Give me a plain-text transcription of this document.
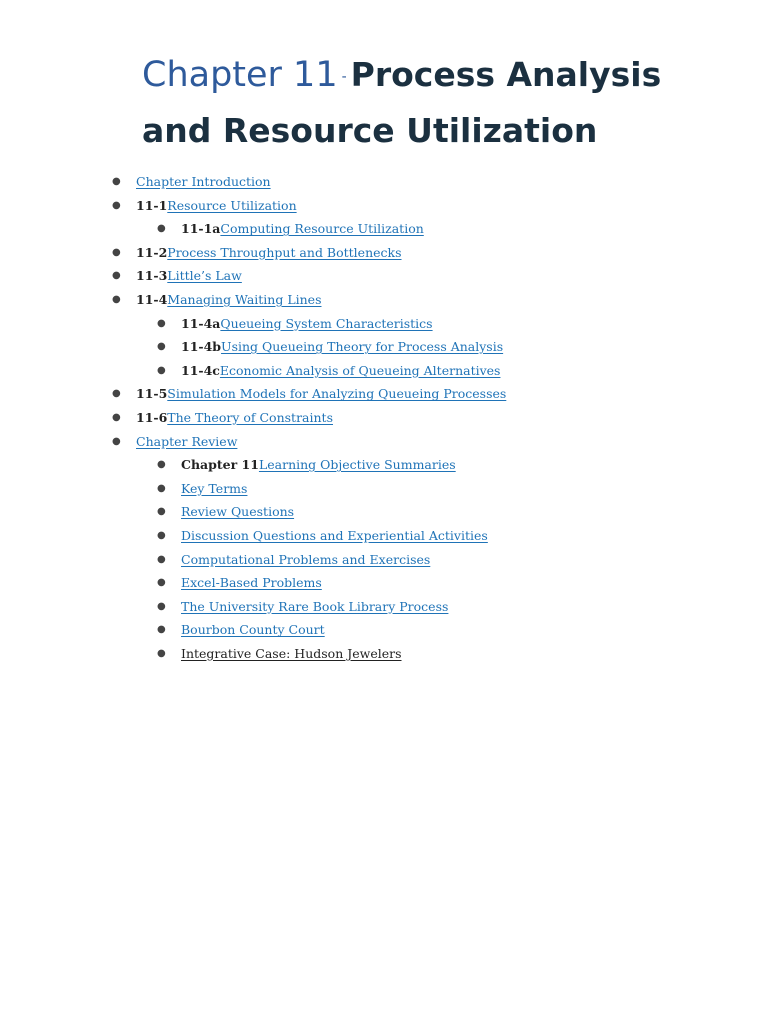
Chapter 11 - Process Analysis and Resource Utilization
● Chapter Introduction
● 11-1Resource Utilization
● 11-1aComputing Resource Utilization
● 11-2Process Throughput and Bottlenecks
● 11-3Little’s Law
● 11-4Managing Waiting Lines
● 11-4aQueueing System Characteristics
● 11-4bUsing Queueing Theory for Process Analysis
● 11-4cEconomic Analysis of Queueing Alternatives
● 11-5Simulation Models for Analyzing Queueing Processes
● 11-6The Theory of Constraints
● Chapter Review
● Chapter 11Learning Objective Summaries
● Key Terms
● Review Questions
● Discussion Questions and Experiential Activities
● Computational Problems and Exercises
● Excel-Based Problems
● The University Rare Book Library Process
● Bourbon County Court
● Integrative Case: Hudson Jewelers
